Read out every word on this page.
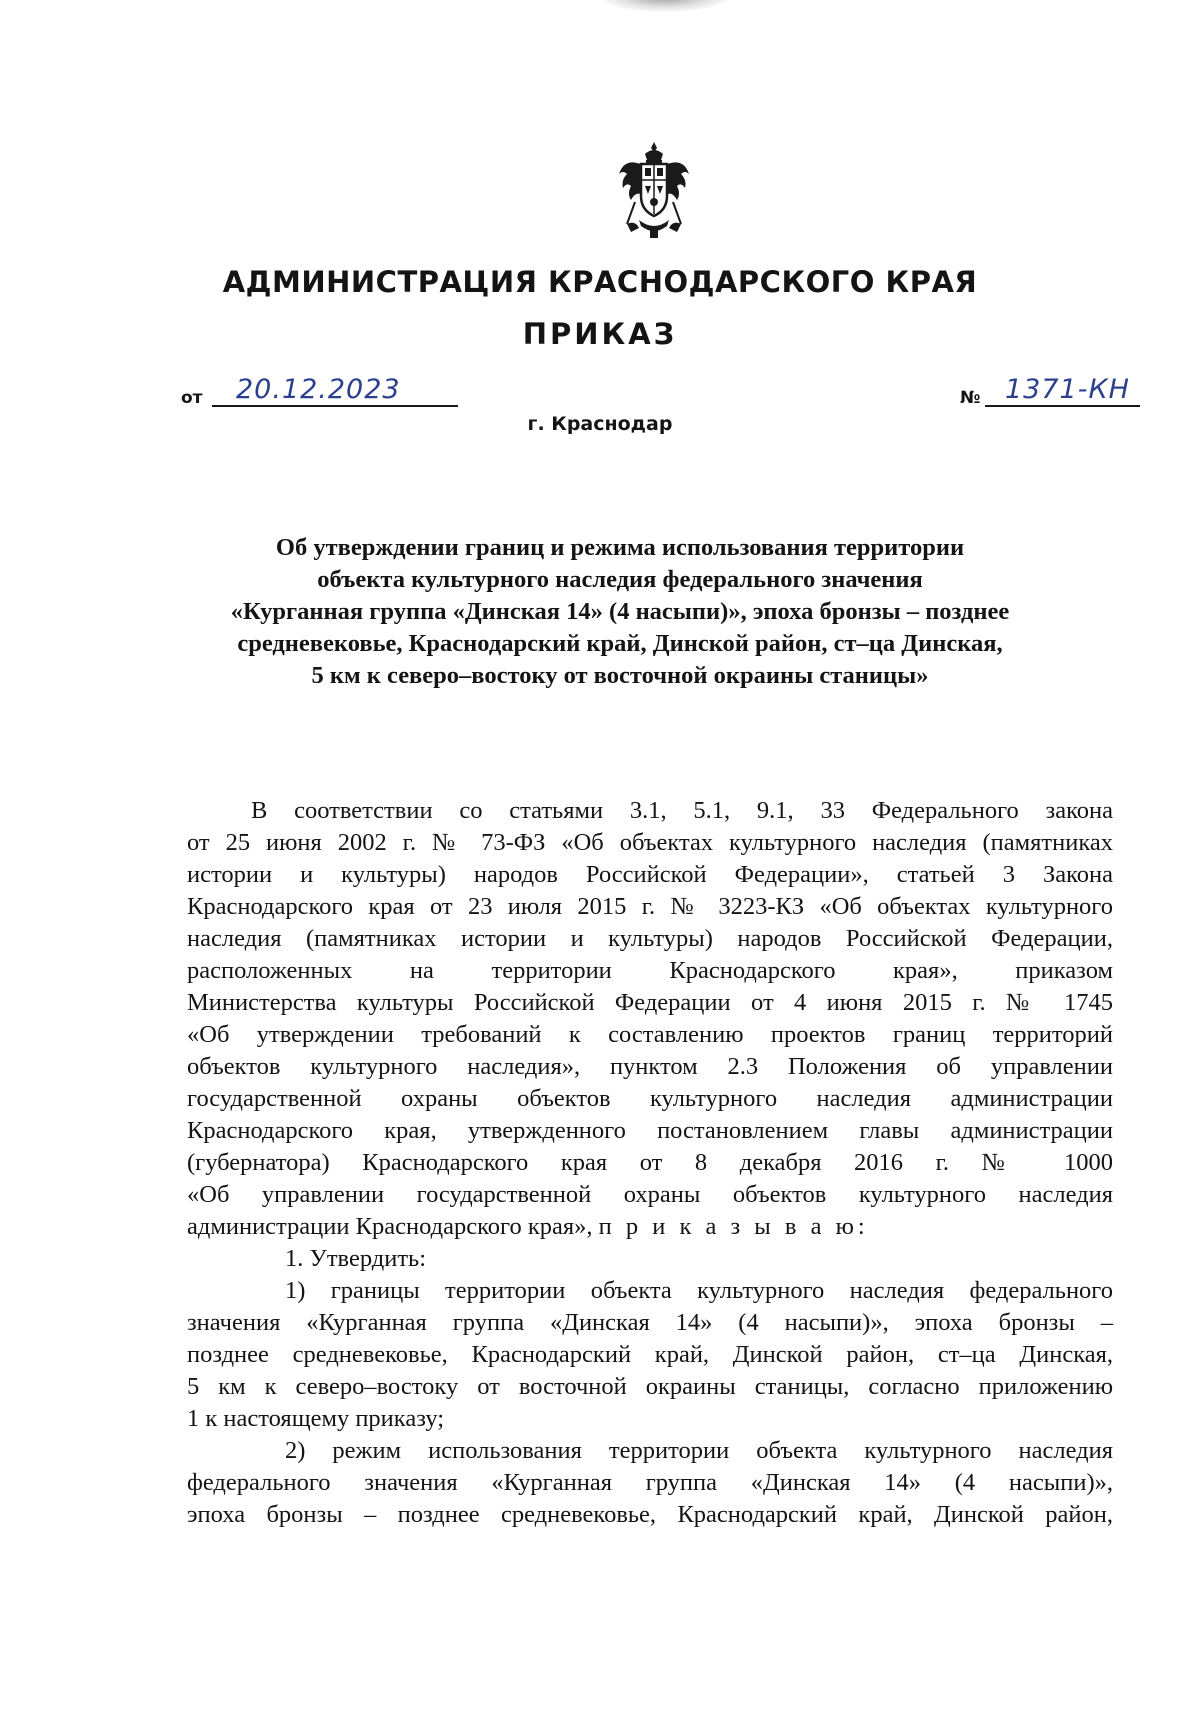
АДМИНИСТРАЦИЯ КРАСНОДАРСКОГО КРАЯ
ПРИКАЗ
от 20.12.2023	№ 1371-КН

г. Краснодар

Об утверждении границ и режима использования территории
объекта культурного наследия федерального значения
«Курганная группа «Динская 14» (4 насыпи)», эпоха бронзы – позднее
средневековье, Краснодарский край, Динской район, ст–ца Динская,
5 км к северо–востоку от восточной окраины станицы»
В соответствии со статьями 3.1, 5.1, 9.1, 33 Федерального закона
от 25 июня 2002 г. № 73-ФЗ «Об объектах культурного наследия (памятниках
истории и культуры) народов Российской Федерации», статьей 3 Закона
Краснодарского края от 23 июля 2015 г. № 3223-КЗ «Об объектах культурного
наследия (памятниках истории и культуры) народов Российской Федерации,
расположенных на территории Краснодарского края», приказом
Министерства культуры Российской Федерации от 4 июня 2015 г. № 1745
«Об утверждении требований к составлению проектов границ территорий
объектов культурного наследия», пунктом 2.3 Положения об управлении
государственной охраны объектов культурного наследия администрации
Краснодарского края, утвержденного постановлением главы администрации
(губернатора) Краснодарского края от 8 декабря 2016 г. № 1000
«Об управлении государственной охраны объектов культурного наследия
администрации Краснодарского края», п р и к а з ы в а ю:
1. Утвердить:
1) границы территории объекта культурного наследия федерального
значения «Курганная группа «Динская 14» (4 насыпи)», эпоха бронзы –
позднее средневековье, Краснодарский край, Динской район, ст–ца Динская,
5 км к северо–востоку от восточной окраины станицы, согласно приложению
1 к настоящему приказу;
2) режим использования территории объекта культурного наследия
федерального значения «Курганная группа «Динская 14» (4 насыпи)»,
эпоха бронзы – позднее средневековье, Краснодарский край, Динской район,
